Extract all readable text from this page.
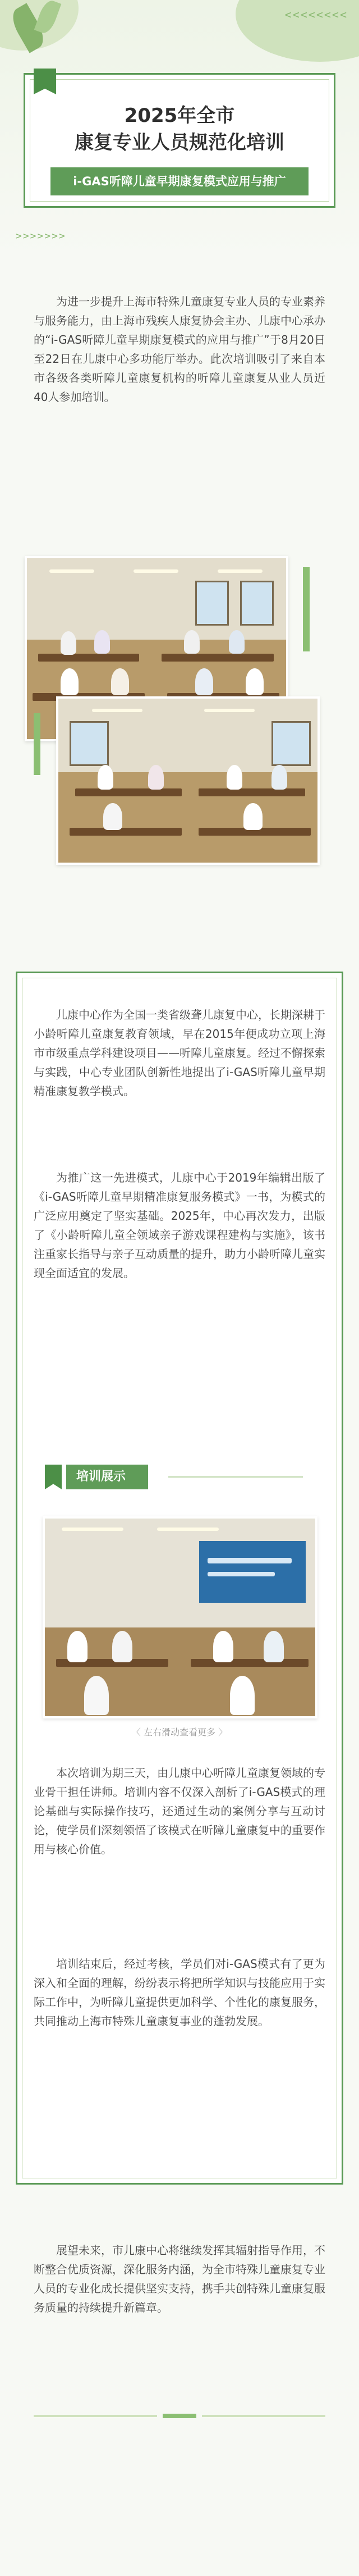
<<<<<<<<
2025年全市
康复专业人员规范化培训
i-GAS听障儿童早期康复模式应用与推广
>>>>>>>

为进一步提升上海市特殊儿童康复专业人员的专业素养与服务能力，由上海市残疾人康复协会主办、儿康中心承办的“i-GAS听障儿童早期康复模式的应用与推广”于8月20日至22日在儿康中心多功能厅举办。此次培训吸引了来自本市各级各类听障儿童康复机构的听障儿童康复从业人员近40人参加培训。

儿康中心作为全国一类省级聋儿康复中心，长期深耕于小龄听障儿童康复教育领域，早在2015年便成功立项上海市市级重点学科建设项目——听障儿童康复。经过不懈探索与实践，中心专业团队创新性地提出了i-GAS听障儿童早期精准康复教学模式。

为推广这一先进模式，儿康中心于2019年编辑出版了《i-GAS听障儿童早期精准康复服务模式》一书，为模式的广泛应用奠定了坚实基础。2025年，中心再次发力，出版了《小龄听障儿童全领域亲子游戏课程建构与实施》，该书注重家长指导与亲子互动质量的提升，助力小龄听障儿童实现全面适宜的发展。

培训展示
〈 左右滑动查看更多 〉

本次培训为期三天，由儿康中心听障儿童康复领域的专业骨干担任讲师。培训内容不仅深入剖析了i-GAS模式的理论基础与实际操作技巧，还通过生动的案例分享与互动讨论，使学员们深刻领悟了该模式在听障儿童康复中的重要作用与核心价值。

培训结束后，经过考核，学员们对i-GAS模式有了更为深入和全面的理解，纷纷表示将把所学知识与技能应用于实际工作中，为听障儿童提供更加科学、个性化的康复服务，共同推动上海市特殊儿童康复事业的蓬勃发展。

展望未来，市儿康中心将继续发挥其辐射指导作用，不断整合优质资源，深化服务内涵，为全市特殊儿童康复专业人员的专业化成长提供坚实支持，携手共创特殊儿童康复服务质量的持续提升新篇章。
